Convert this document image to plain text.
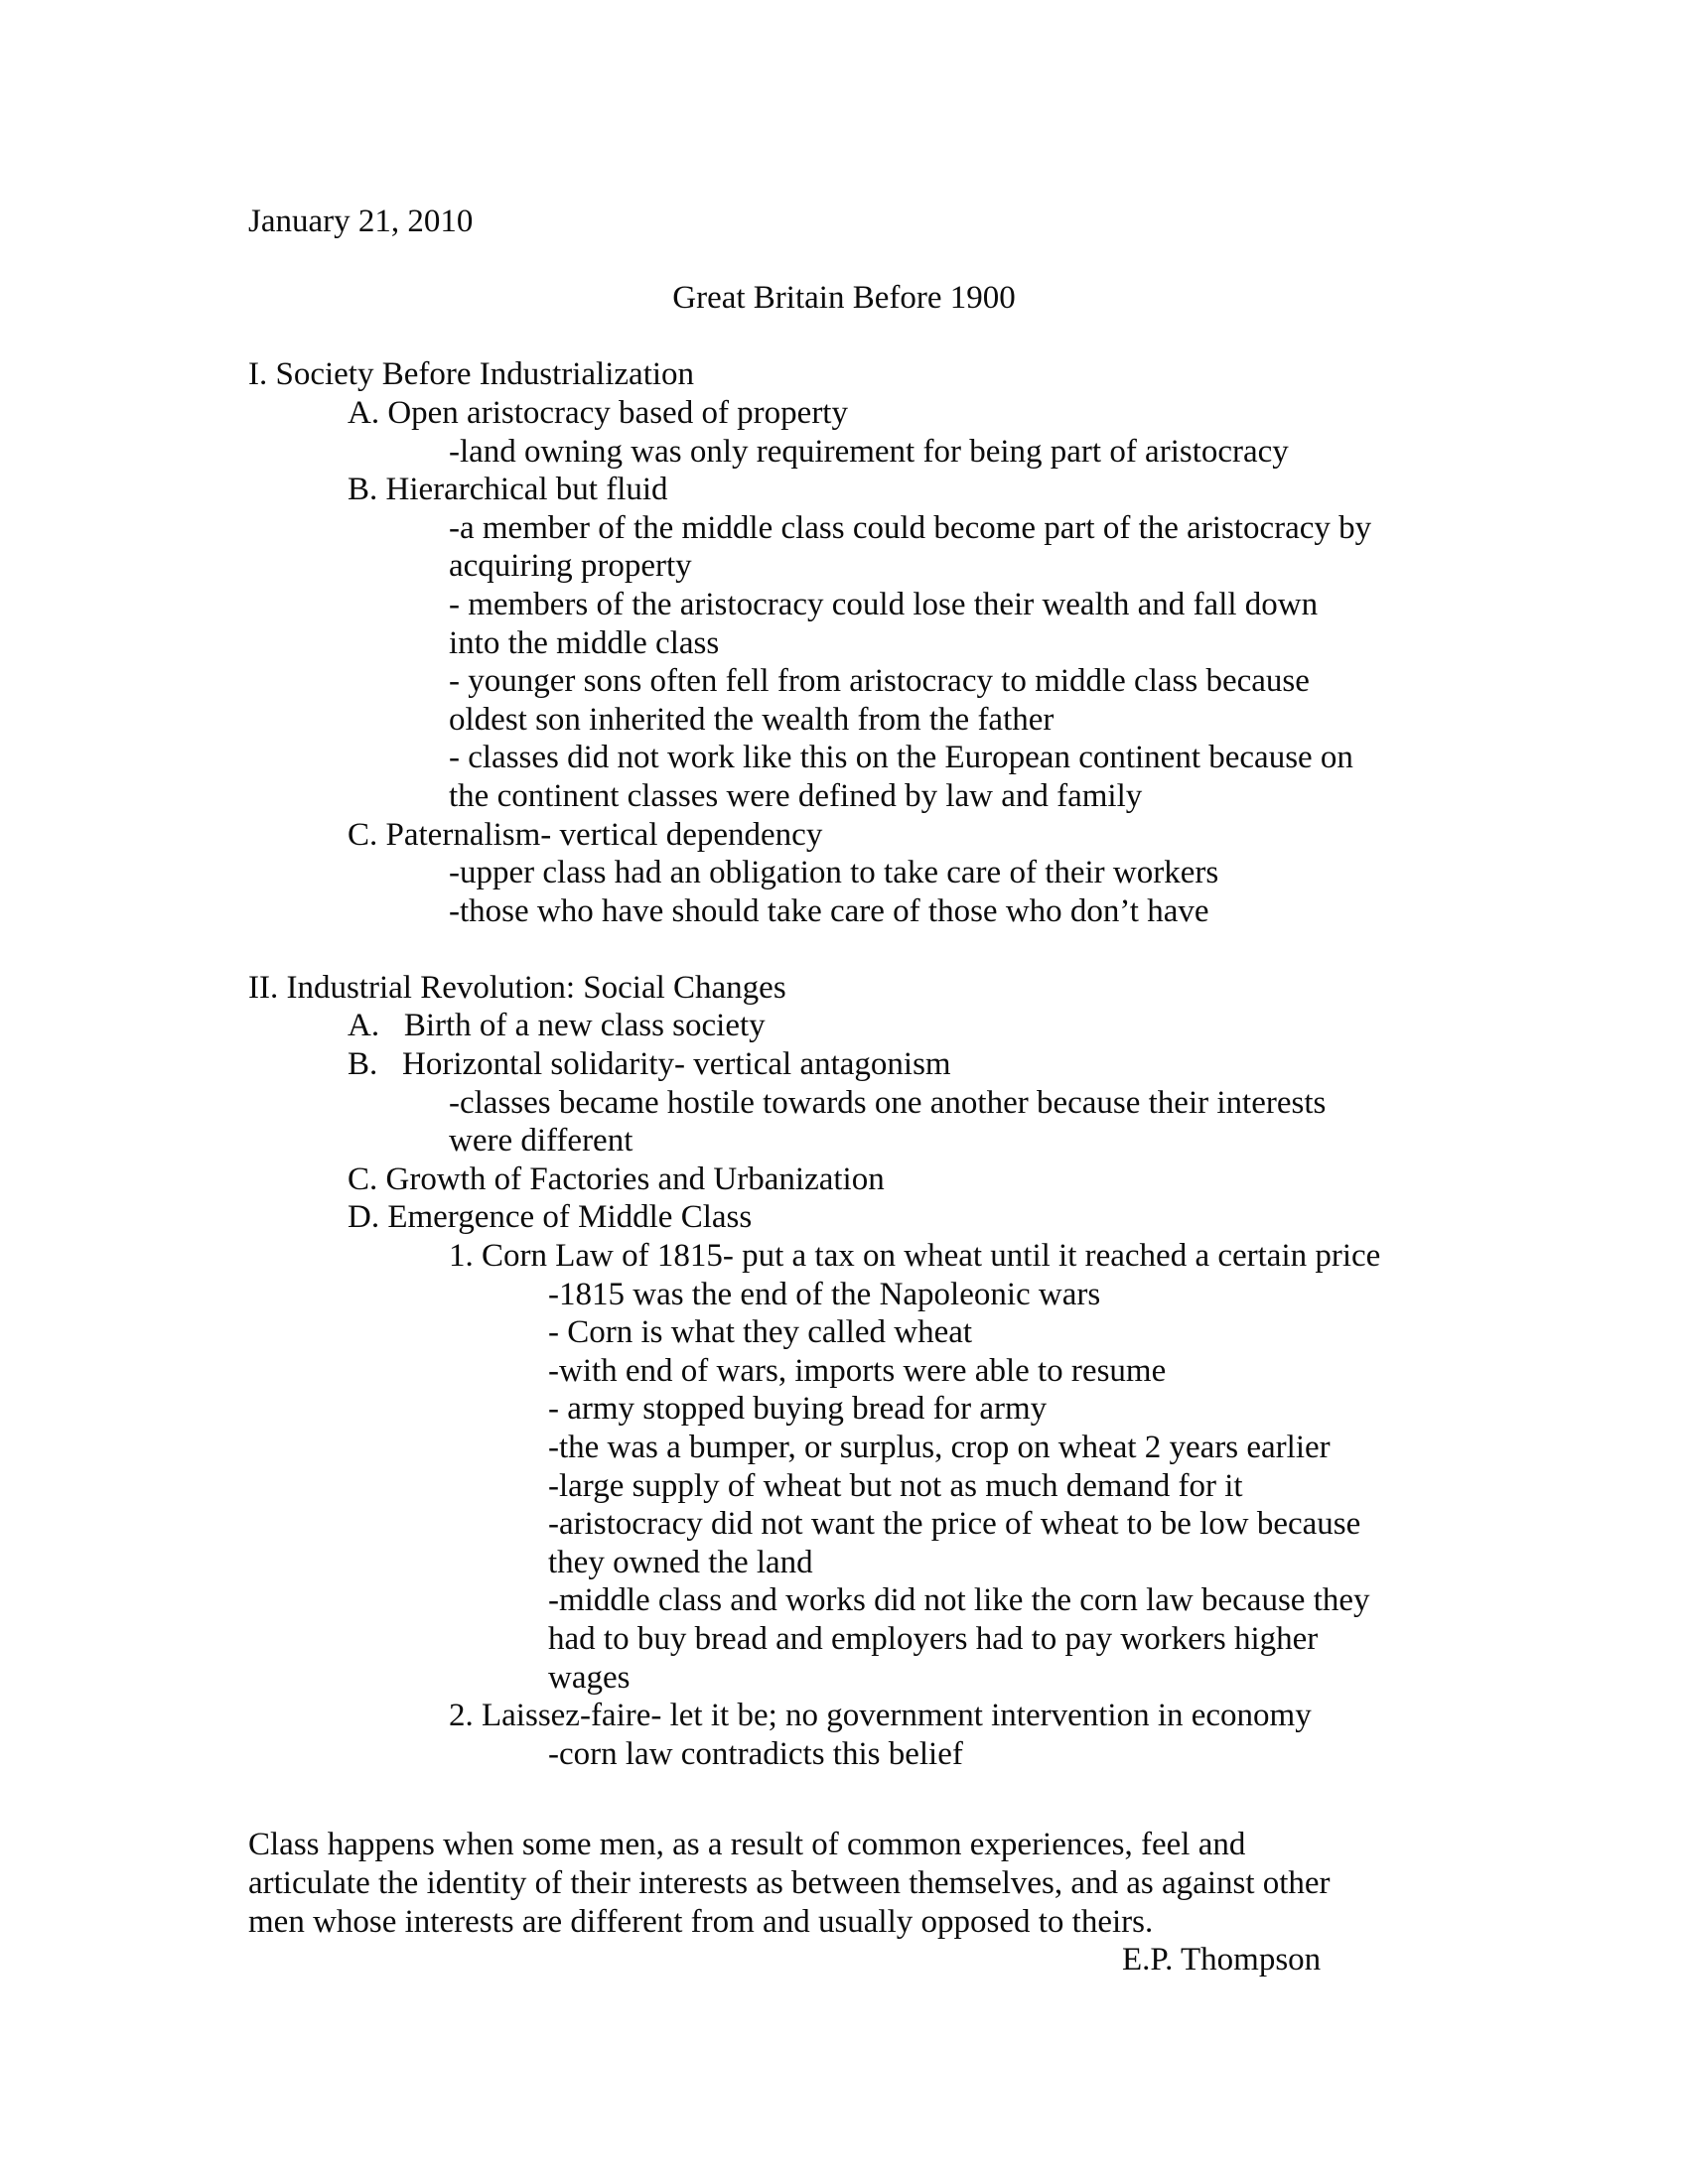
January 21, 2010
Great Britain Before 1900
I. Society Before Industrialization
A. Open aristocracy based of property
-land owning was only requirement for being part of aristocracy
B. Hierarchical but fluid
-a member of the middle class could become part of the aristocracy by
acquiring property
- members of the aristocracy could lose their wealth and fall down
into the middle class
- younger sons often fell from aristocracy to middle class because
oldest son inherited the wealth from the father
- classes did not work like this on the European continent because on
the continent classes were defined by law and family
C. Paternalism- vertical dependency
-upper class had an obligation to take care of their workers
-those who have should take care of those who don’t have
II. Industrial Revolution: Social Changes
A.   Birth of a new class society
B.   Horizontal solidarity- vertical antagonism
-classes became hostile towards one another because their interests
were different
C. Growth of Factories and Urbanization
D. Emergence of Middle Class
1. Corn Law of 1815- put a tax on wheat until it reached a certain price
-1815 was the end of the Napoleonic wars
- Corn is what they called wheat
-with end of wars, imports were able to resume
- army stopped buying bread for army
-the was a bumper, or surplus, crop on wheat 2 years earlier
-large supply of wheat but not as much demand for it
-aristocracy did not want the price of wheat to be low because
they owned the land
-middle class and works did not like the corn law because they
had to buy bread and employers had to pay workers higher
wages
2. Laissez-faire- let it be; no government intervention in economy
-corn law contradicts this belief
Class happens when some men, as a result of common experiences, feel and
articulate the identity of their interests as between themselves, and as against other
men whose interests are different from and usually opposed to theirs.
E.P. Thompson
